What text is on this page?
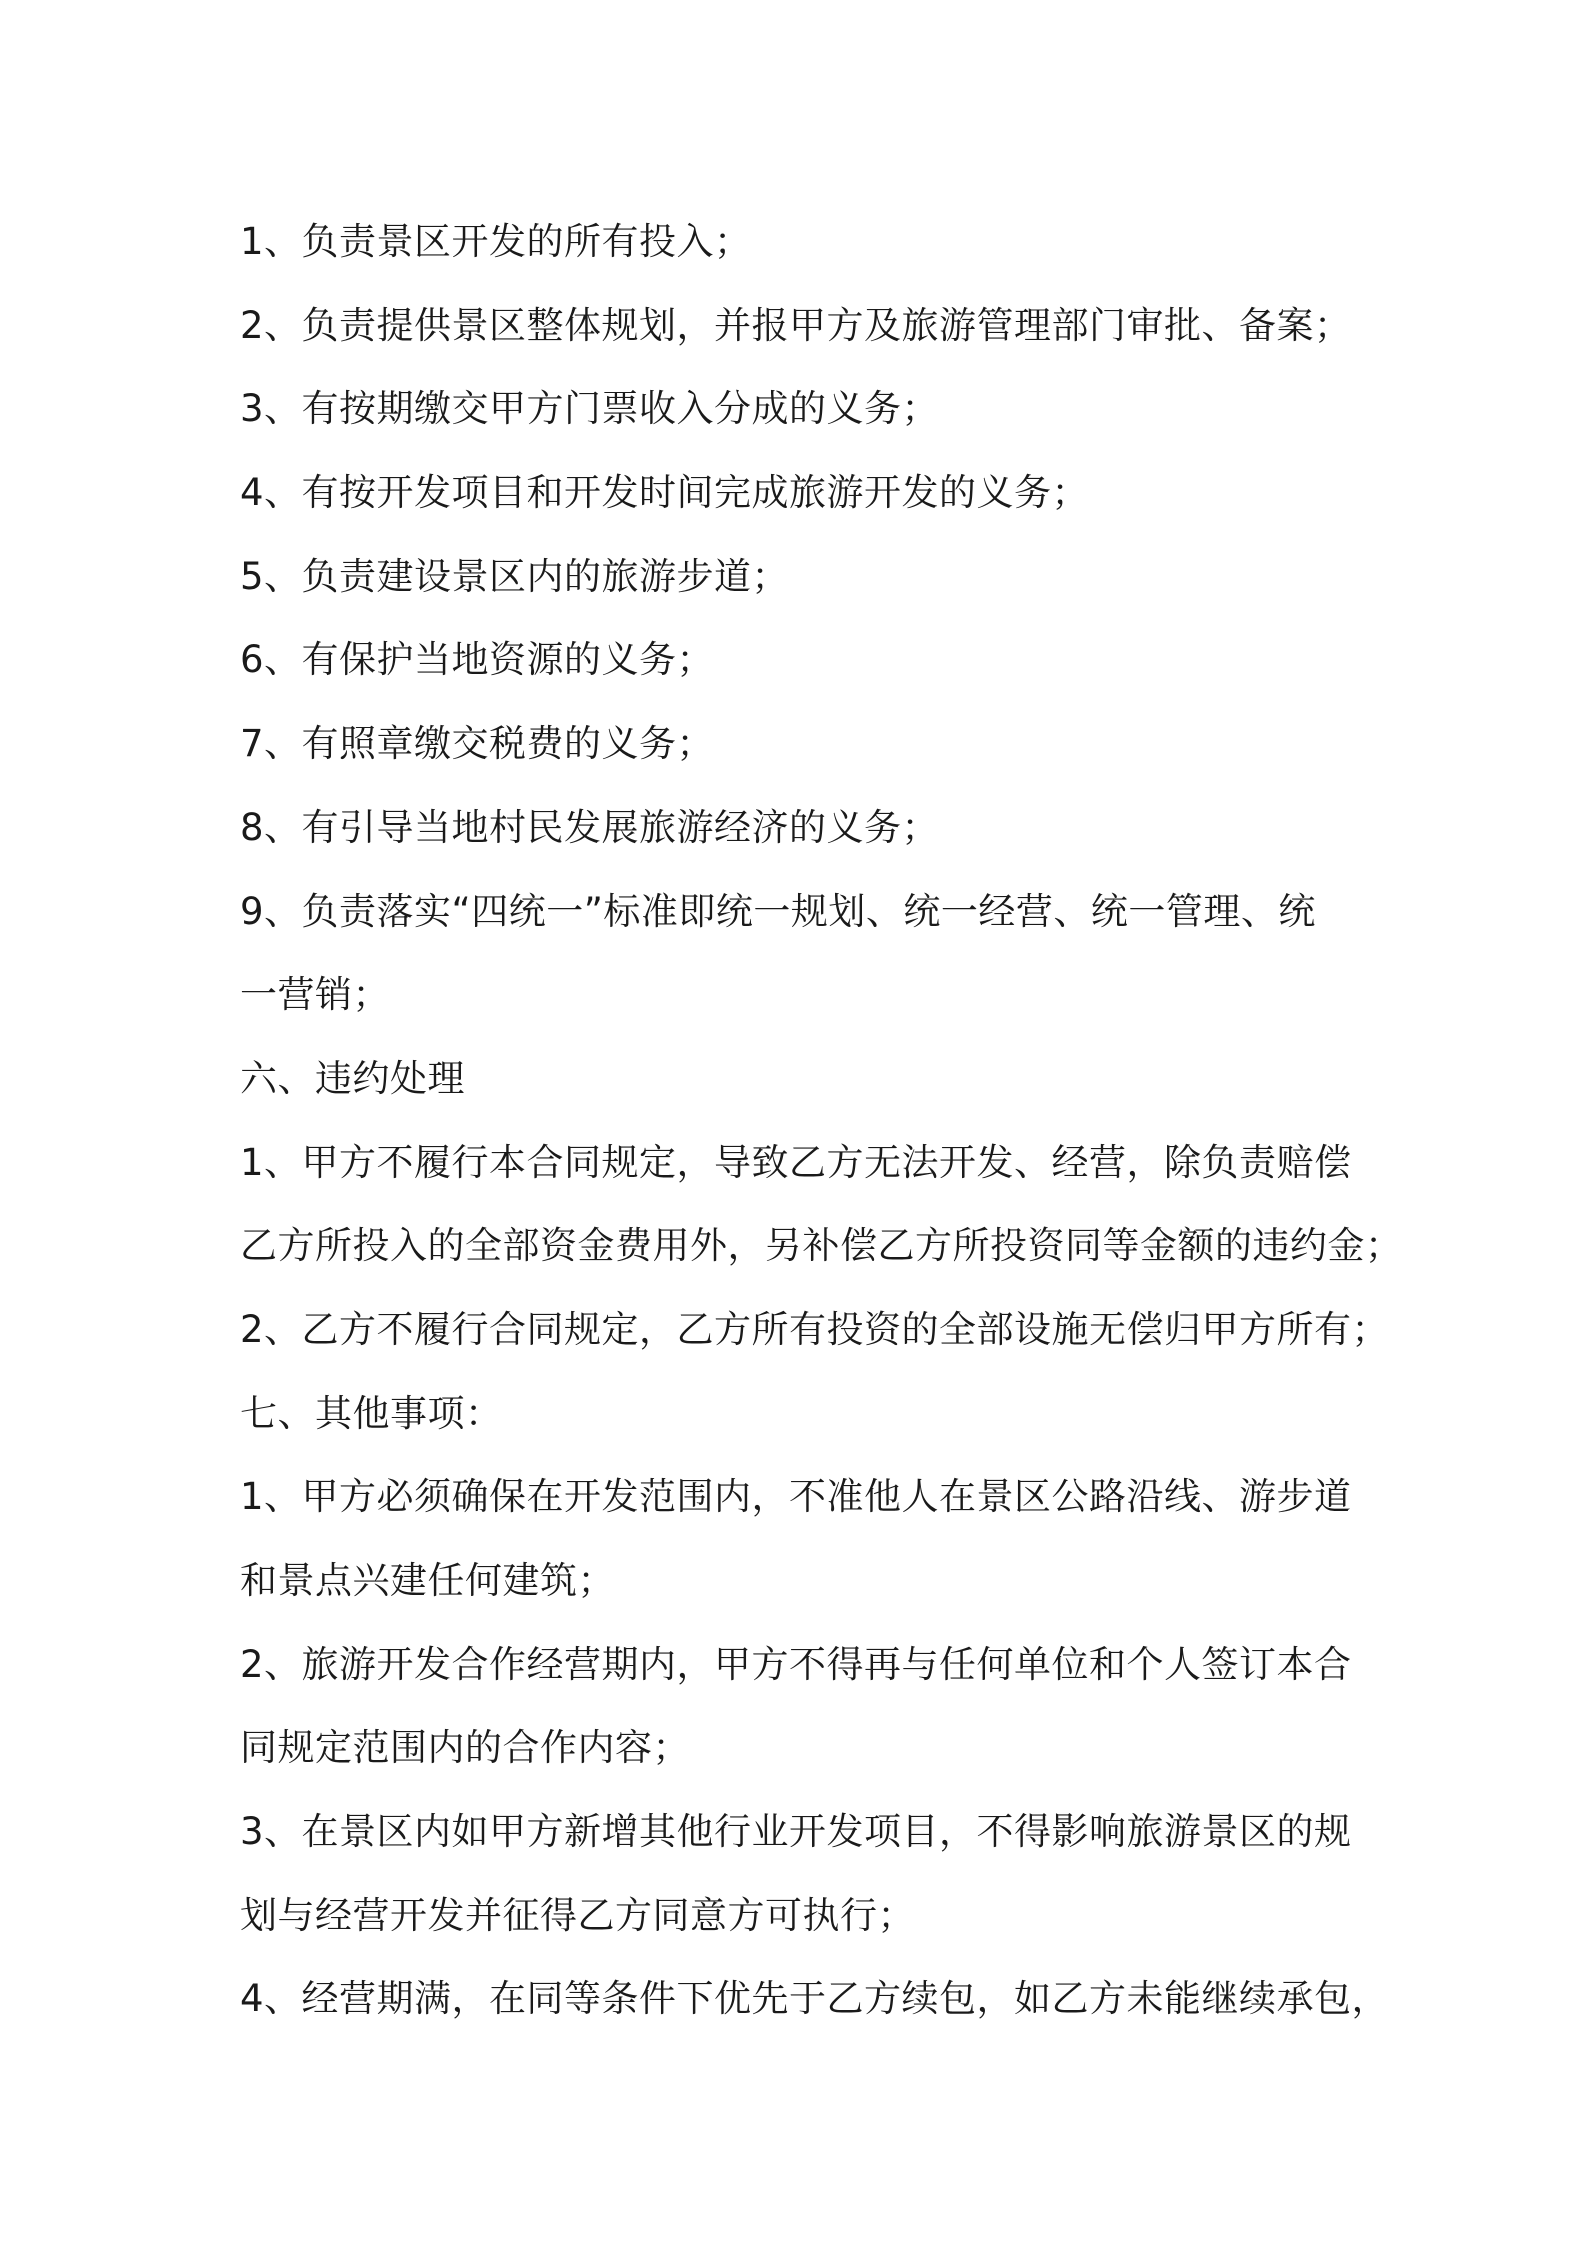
1、负责景区开发的所有投入；
2、负责提供景区整体规划，并报甲方及旅游管理部门审批、备案；
3、有按期缴交甲方门票收入分成的义务；
4、有按开发项目和开发时间完成旅游开发的义务；
5、负责建设景区内的旅游步道；
6、有保护当地资源的义务；
7、有照章缴交税费的义务；
8、有引导当地村民发展旅游经济的义务；
9、负责落实“四统一”标准即统一规划、统一经营、统一管理、统
一营销；
六、违约处理
1、甲方不履行本合同规定，导致乙方无法开发、经营，除负责赔偿
乙方所投入的全部资金费用外，另补偿乙方所投资同等金额的违约金；
2、乙方不履行合同规定，乙方所有投资的全部设施无偿归甲方所有；
七、其他事项：
1、甲方必须确保在开发范围内，不准他人在景区公路沿线、游步道
和景点兴建任何建筑；
2、旅游开发合作经营期内，甲方不得再与任何单位和个人签订本合
同规定范围内的合作内容；
3、在景区内如甲方新增其他行业开发项目，不得影响旅游景区的规
划与经营开发并征得乙方同意方可执行；
4、经营期满，在同等条件下优先于乙方续包，如乙方未能继续承包，
